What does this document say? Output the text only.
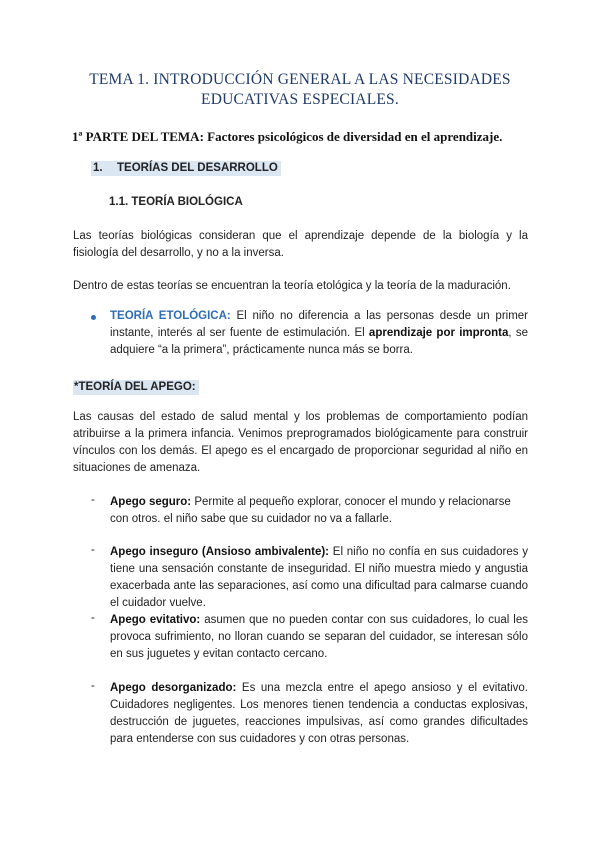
TEMA 1. INTRODUCCIÓN GENERAL A LAS NECESIDADES
EDUCATIVAS ESPECIALES.
1ª PARTE DEL TEMA: Factores psicológicos de diversidad en el aprendizaje.
1. TEORÍAS DEL DESARROLLO
1.1. TEORÍA BIOLÓGICA
Las teorías biológicas consideran que el aprendizaje depende de la biología y la fisiología del desarrollo, y no a la inversa.
Dentro de estas teorías se encuentran la teoría etológica y la teoría de la maduración.
TEORÍA ETOLÓGICA: El niño no diferencia a las personas desde un primer instante, interés al ser fuente de estimulación. El aprendizaje por impronta, se adquiere “a la primera”, prácticamente nunca más se borra.
*TEORÍA DEL APEGO:
Las causas del estado de salud mental y los problemas de comportamiento podían atribuirse a la primera infancia. Venimos preprogramados biológicamente para construir vínculos con los demás. El apego es el encargado de proporcionar seguridad al niño en situaciones de amenaza.
- Apego seguro: Permite al pequeño explorar, conocer el mundo y relacionarse con otros. el niño sabe que su cuidador no va a fallarle.
- Apego inseguro (Ansioso ambivalente): El niño no confía en sus cuidadores y tiene una sensación constante de inseguridad. El niño muestra miedo y angustia exacerbada ante las separaciones, así como una dificultad para calmarse cuando el cuidador vuelve.
- Apego evitativo: asumen que no pueden contar con sus cuidadores, lo cual les provoca sufrimiento, no lloran cuando se separan del cuidador, se interesan sólo en sus juguetes y evitan contacto cercano.
- Apego desorganizado: Es una mezcla entre el apego ansioso y el evitativo. Cuidadores negligentes. Los menores tienen tendencia a conductas explosivas, destrucción de juguetes, reacciones impulsivas, así como grandes dificultades para entenderse con sus cuidadores y con otras personas.
